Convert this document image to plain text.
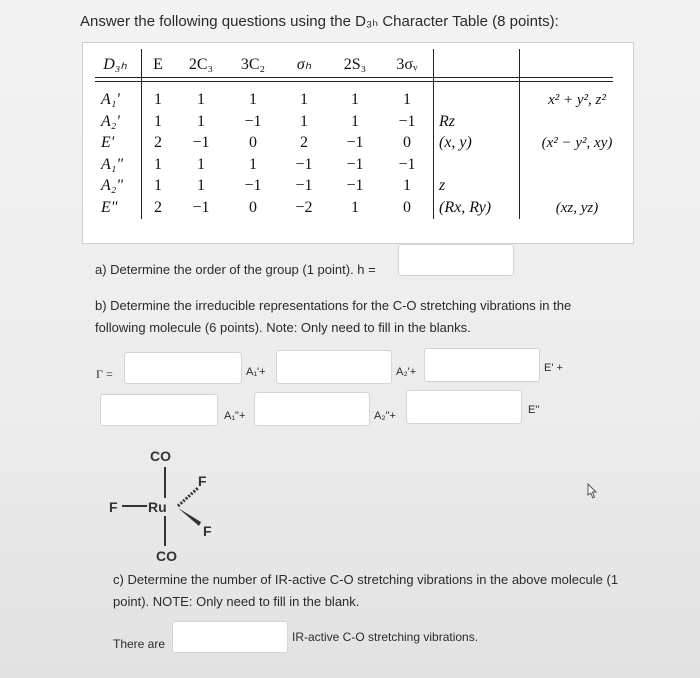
Answer the following questions using the D₃ₕ Character Table (8 points):
D₃ₕ	E	2C₃	3C₂	σₕ	2S₃	3σᵥ
A₁'	1	1	1	1	1	1	x² + y², z²
A₂'	1	1	−1	1	1	−1	Rz
E'	2	−1	0	2	−1	0	(x, y)	(x² − y², xy)
A₁"	1	1	1	−1	−1	−1
A₂"	1	1	−1	−1	−1	1	z
E"	2	−1	0	−2	1	0	(Rx, Ry)	(xz, yz)
a) Determine the order of the group (1 point). h =
b) Determine the irreducible representations for the C-O stretching vibrations in the
following molecule (6 points). Note: Only need to fill in the blanks.
Γ =	A₁'+	A₂'+	E' +
A₁"+	A₂"+	E"
CO
F Ru
F
F
CO
c) Determine the number of IR-active C-O stretching vibrations in the above molecule (1
point). NOTE: Only need to fill in the blank.
There are	IR-active C-O stretching vibrations.
